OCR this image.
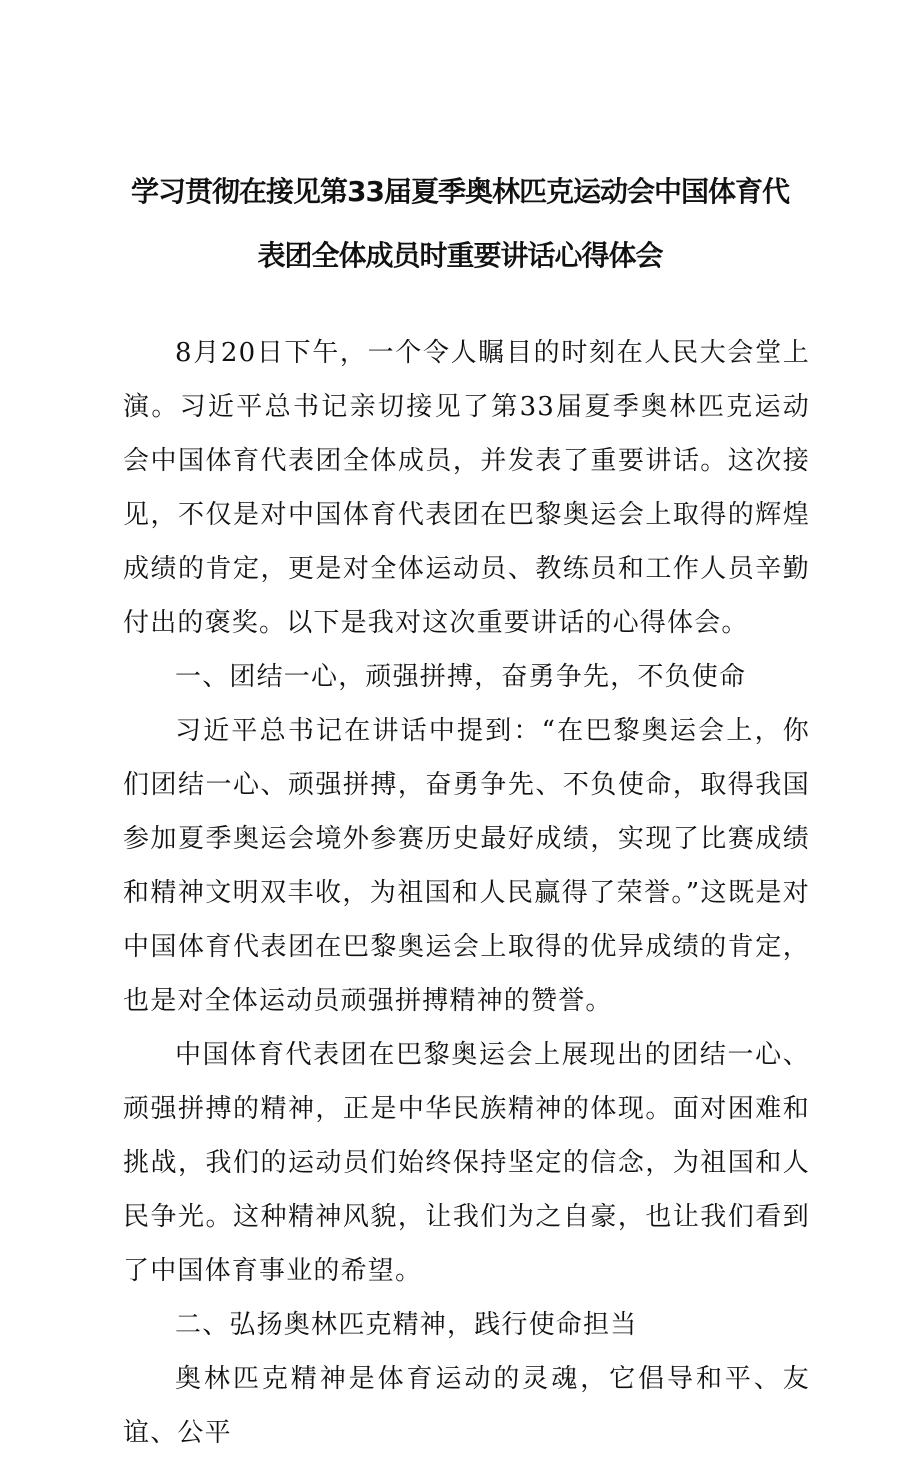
学习贯彻在接见第33届夏季奥林匹克运动会中国体育代
表团全体成员时重要讲话心得体会

8月20日下午，一个令人瞩目的时刻在人民大会堂上演。习近平总书记亲切接见了第33届夏季奥林匹克运动会中国体育代表团全体成员，并发表了重要讲话。这次接见，不仅是对中国体育代表团在巴黎奥运会上取得的辉煌成绩的肯定，更是对全体运动员、教练员和工作人员辛勤付出的褒奖。以下是我对这次重要讲话的心得体会。

一、团结一心，顽强拼搏，奋勇争先，不负使命

习近平总书记在讲话中提到：“在巴黎奥运会上，你们团结一心、顽强拼搏，奋勇争先、不负使命，取得我国参加夏季奥运会境外参赛历史最好成绩，实现了比赛成绩和精神文明双丰收，为祖国和人民赢得了荣誉。”这既是对中国体育代表团在巴黎奥运会上取得的优异成绩的肯定，也是对全体运动员顽强拼搏精神的赞誉。

中国体育代表团在巴黎奥运会上展现出的团结一心、顽强拼搏的精神，正是中华民族精神的体现。面对困难和挑战，我们的运动员们始终保持坚定的信念，为祖国和人民争光。这种精神风貌，让我们为之自豪，也让我们看到了中国体育事业的希望。

二、弘扬奥林匹克精神，践行使命担当

奥林匹克精神是体育运动的灵魂，它倡导和平、友谊、公平
